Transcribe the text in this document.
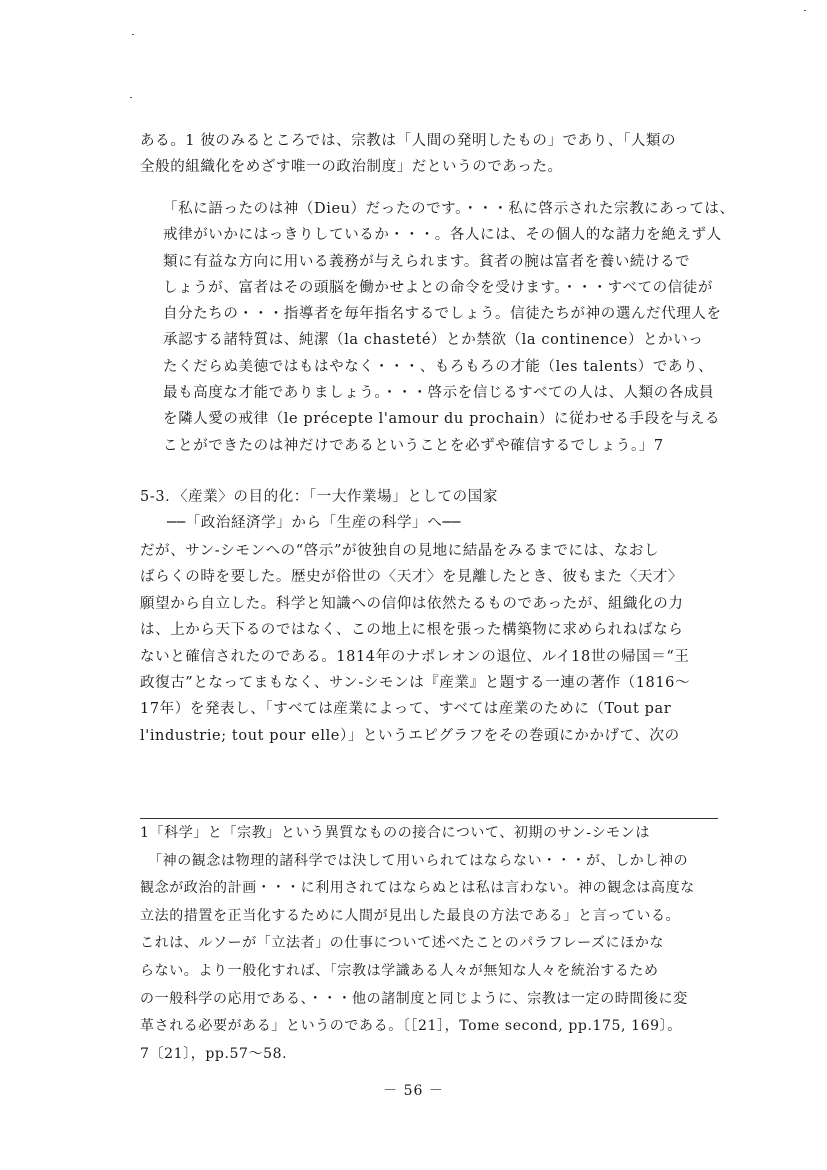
ある。1 彼のみるところでは、宗教は「人間の発明したもの」であり、「人類の
全般的組織化をめざす唯一の政治制度」だというのであった。
「私に語ったのは神（Dieu）だったのです。・・・私に啓示された宗教にあっては、
戒律がいかにはっきりしているか・・・。各人には、その個人的な諸力を絶えず人
類に有益な方向に用いる義務が与えられます。貧者の腕は富者を養い続けるで
しょうが、富者はその頭脳を働かせよとの命令を受けます。・・・すべての信徒が
自分たちの・・・指導者を毎年指名するでしょう。信徒たちが神の選んだ代理人を
承認する諸特質は、純潔（la chasteté）とか禁欲（la continence）とかいっ
たくだらぬ美徳ではもはやなく・・・、もろもろの才能（les talents）であり、
最も高度な才能でありましょう。・・・啓示を信じるすべての人は、人類の各成員
を隣人愛の戒律（le précepte l'amour du prochain）に従わせる手段を与える
ことができたのは神だけであるということを必ずや確信するでしょう。」7
5-3．〈産業〉の目的化：「一大作業場」としての国家
──「政治経済学」から「生産の科学」へ──
だが、サン-シモンへの“啓示”が彼独自の見地に結晶をみるまでには、なおし
ばらくの時を要した。歴史が俗世の〈天才〉を見離したとき、彼もまた〈天才〉
願望から自立した。科学と知識への信仰は依然たるものであったが、組織化の力
は、上から天下るのではなく、この地上に根を張った構築物に求められねばなら
ないと確信されたのである。1814年のナポレオンの退位、ルイ18世の帰国＝“王
政復古”となってまもなく、サン-シモンは『産業』と題する一連の著作（1816～
17年）を発表し、「すべては産業によって、すべては産業のために（Tout par
l'industrie; tout pour elle）」というエピグラフをその巻頭にかかげて、次の
1「科学」と「宗教」という異質なものの接合について、初期のサン-シモンは
「神の観念は物理的諸科学では決して用いられてはならない・・・が、しかし神の
観念が政治的計画・・・に利用されてはならぬとは私は言わない。神の観念は高度な
立法的措置を正当化するために人間が見出した最良の方法である」と言っている。
これは、ルソーが「立法者」の仕事について述べたことのパラフレーズにほかな
らない。より一般化すれば、「宗教は学識ある人々が無知な人々を統治するため
の一般科学の応用である、・・・他の諸制度と同じように、宗教は一定の時間後に変
革される必要がある」というのである。〔［21］，Tome second, pp.175, 169〕。
7〔21〕，pp.57～58.
－ 56 －
